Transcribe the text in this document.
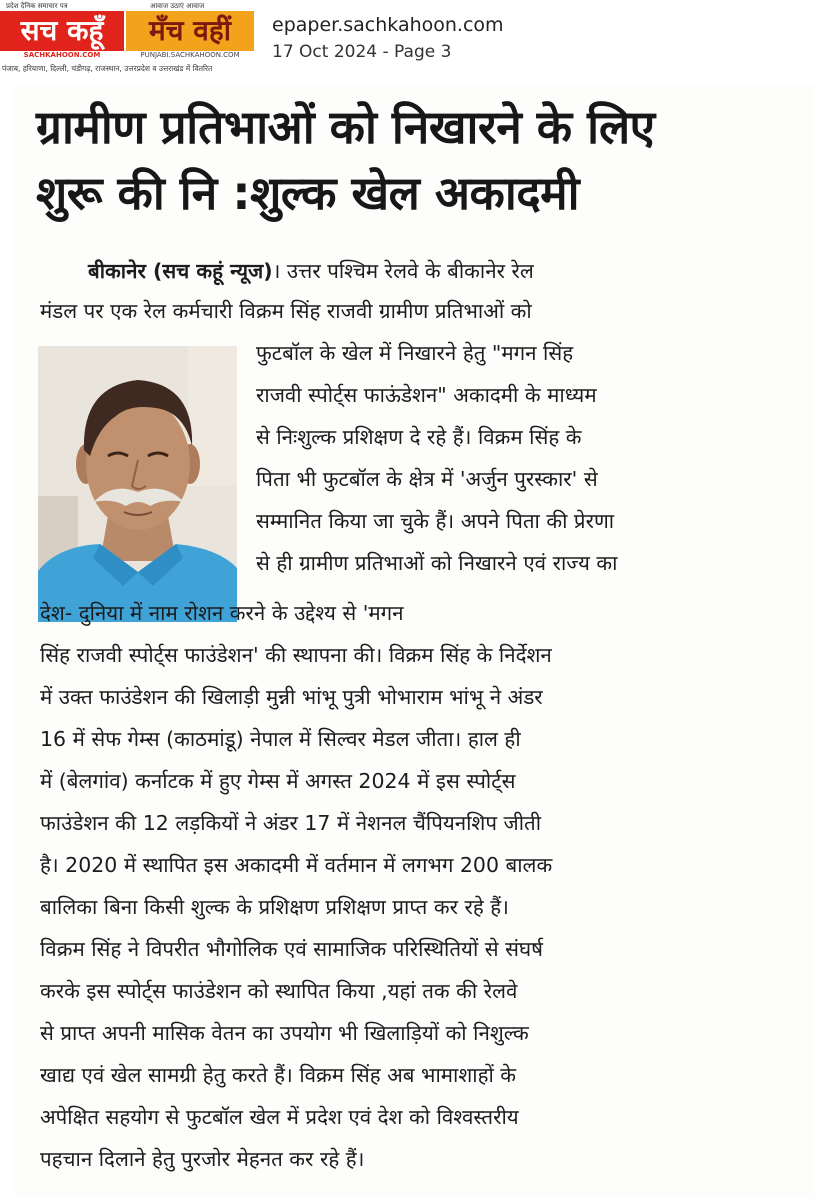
प्रदेश दैनिक समाचार पत्र	आवाज उठाएं आवाज
सच कहूँ
SACHKAHOON.COM
मँच वहीं
PUNJABI.SACHKAHOON.COM
पंजाब, हरियाणा, दिल्ली, चंडीगढ़, राजस्थान, उत्तरप्रदेश व उत्तराखंड में वितरित
epaper.sachkahoon.com
17 Oct 2024 - Page 3
ग्रामीण प्रतिभाओं को निखारने के लिए
शुरू की नि :शुल्क खेल अकादमी
बीकानेर (सच कहूं न्यूज)। उत्तर पश्चिम रेलवे के बीकानेर रेल
मंडल पर एक रेल कर्मचारी विक्रम सिंह राजवी ग्रामीण प्रतिभाओं को
फुटबॉल के खेल में निखारने हेतु "मगन सिंह
राजवी स्पोर्ट्स फाऊंडेशन" अकादमी के माध्यम
से निःशुल्क प्रशिक्षण दे रहे हैं। विक्रम सिंह के
पिता भी फुटबॉल के क्षेत्र में 'अर्जुन पुरस्कार' से
सम्मानित किया जा चुके हैं। अपने पिता की प्रेरणा
से ही ग्रामीण प्रतिभाओं को निखारने एवं राज्य का
देश- दुनिया में नाम रोशन करने के उद्देश्य से 'मगन
सिंह राजवी स्पोर्ट्स फाउंडेशन' की स्थापना की। विक्रम सिंह के निर्देशन
में उक्त फाउंडेशन की खिलाड़ी मुन्नी भांभू पुत्री भोभाराम भांभू ने अंडर
16 में सेफ गेम्स (काठमांडू) नेपाल में सिल्वर मेडल जीता। हाल ही
में (बेलगांव) कर्नाटक में हुए गेम्स में अगस्त 2024 में इस स्पोर्ट्स
फाउंडेशन की 12 लड़कियों ने अंडर 17 में नेशनल चैंपियनशिप जीती
है। 2020 में स्थापित इस अकादमी में वर्तमान में लगभग 200 बालक
बालिका बिना किसी शुल्क के प्रशिक्षण प्रशिक्षण प्राप्त कर रहे हैं।
विक्रम सिंह ने विपरीत भौगोलिक एवं सामाजिक परिस्थितियों से संघर्ष
करके इस स्पोर्ट्स फाउंडेशन को स्थापित किया ,यहां तक की रेलवे
से प्राप्त अपनी मासिक वेतन का उपयोग भी खिलाड़ियों को निशुल्क
खाद्य एवं खेल सामग्री हेतु करते हैं। विक्रम सिंह अब भामाशाहों के
अपेक्षित सहयोग से फुटबॉल खेल में प्रदेश एवं देश को विश्वस्तरीय
पहचान दिलाने हेतु पुरजोर मेहनत कर रहे हैं।
